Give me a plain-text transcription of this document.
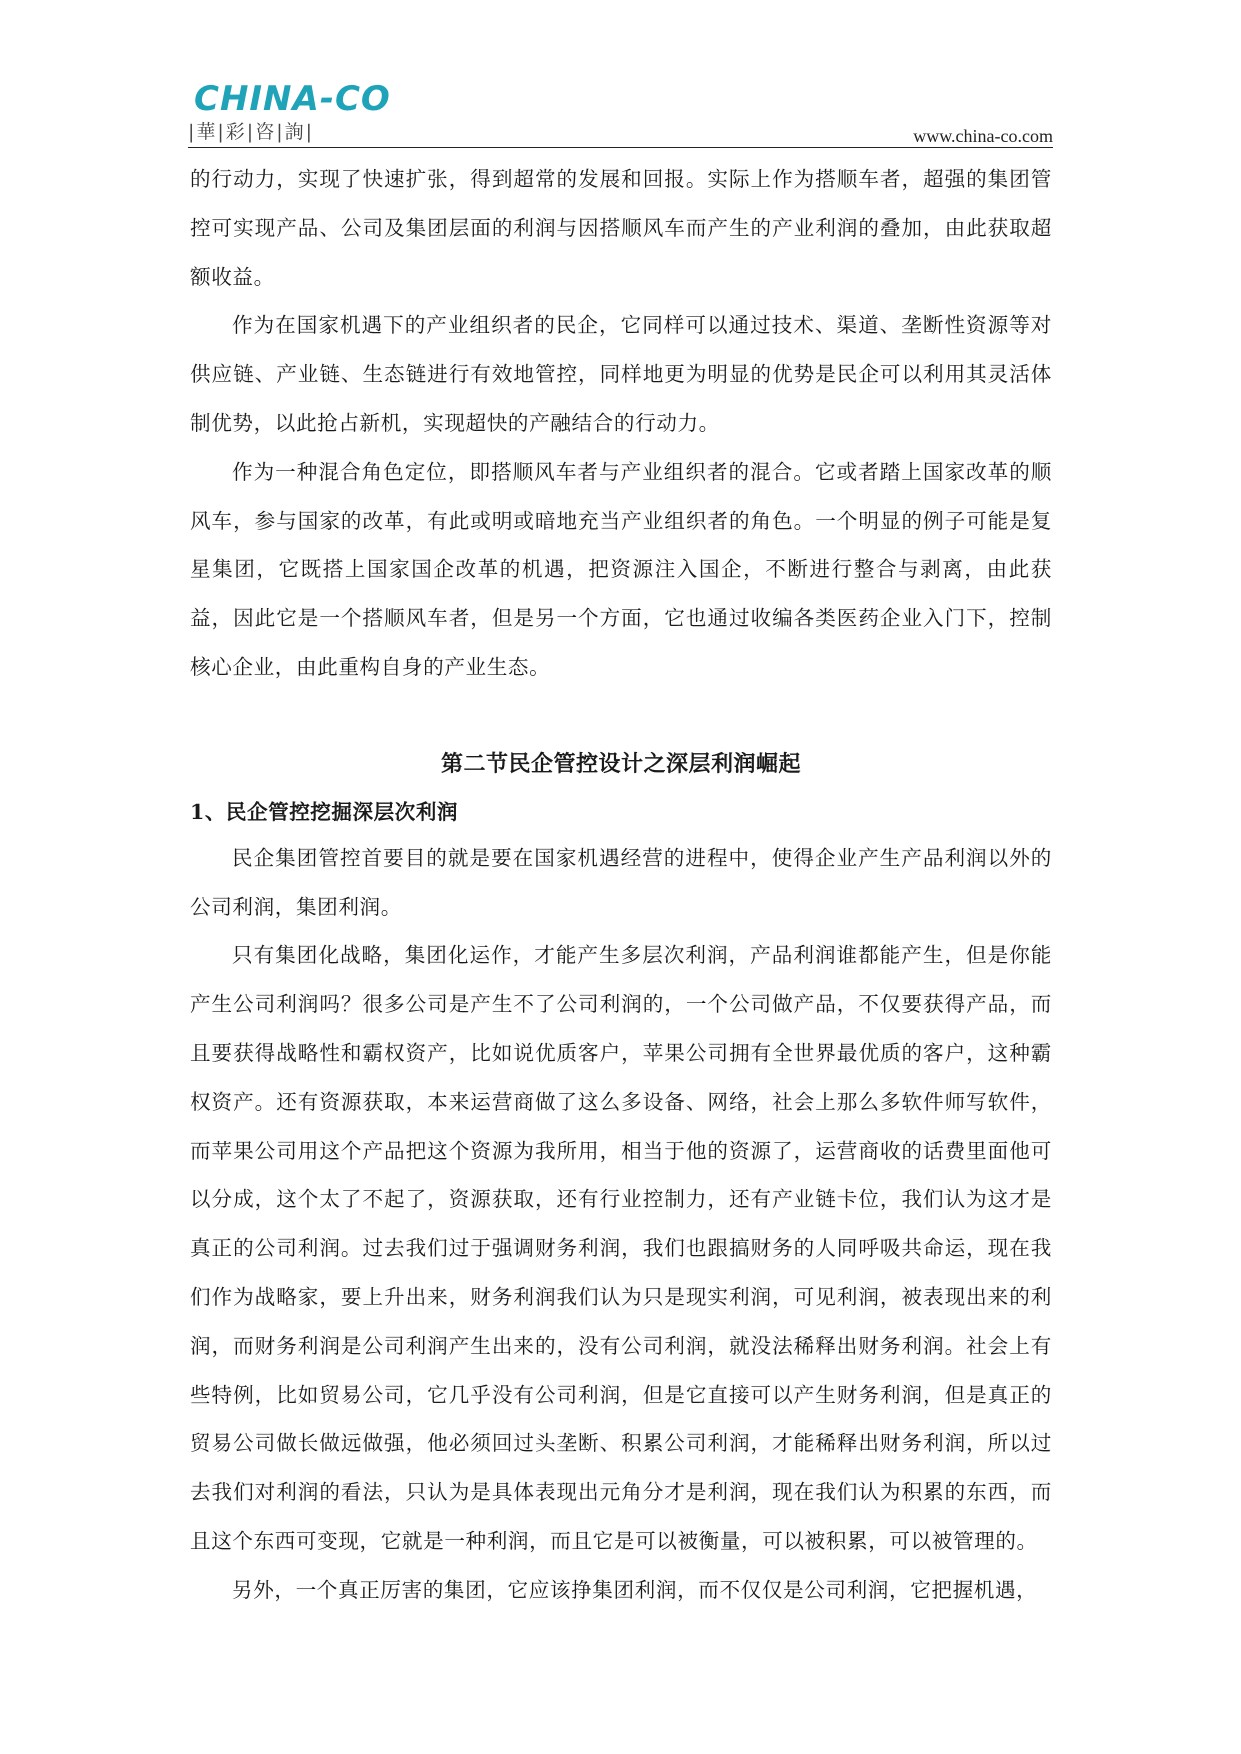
CHINA-CO
|華|彩|咨|詢|	www.china-co.com

的行动力，实现了快速扩张，得到超常的发展和回报。实际上作为搭顺车者，超强的集团管控可实现产品、公司及集团层面的利润与因搭顺风车而产生的产业利润的叠加，由此获取超额收益。

作为在国家机遇下的产业组织者的民企，它同样可以通过技术、渠道、垄断性资源等对供应链、产业链、生态链进行有效地管控，同样地更为明显的优势是民企可以利用其灵活体制优势，以此抢占新机，实现超快的产融结合的行动力。

作为一种混合角色定位，即搭顺风车者与产业组织者的混合。它或者踏上国家改革的顺风车，参与国家的改革，有此或明或暗地充当产业组织者的角色。一个明显的例子可能是复星集团，它既搭上国家国企改革的机遇，把资源注入国企，不断进行整合与剥离，由此获益，因此它是一个搭顺风车者，但是另一个方面，它也通过收编各类医药企业入门下，控制核心企业，由此重构自身的产业生态。

第二节民企管控设计之深层利润崛起
1、民企管控挖掘深层次利润

民企集团管控首要目的就是要在国家机遇经营的进程中，使得企业产生产品利润以外的公司利润，集团利润。

只有集团化战略，集团化运作，才能产生多层次利润，产品利润谁都能产生，但是你能产生公司利润吗？很多公司是产生不了公司利润的，一个公司做产品，不仅要获得产品，而且要获得战略性和霸权资产，比如说优质客户，苹果公司拥有全世界最优质的客户，这种霸权资产。还有资源获取，本来运营商做了这么多设备、网络，社会上那么多软件师写软件，而苹果公司用这个产品把这个资源为我所用，相当于他的资源了，运营商收的话费里面他可以分成，这个太了不起了，资源获取，还有行业控制力，还有产业链卡位，我们认为这才是真正的公司利润。过去我们过于强调财务利润，我们也跟搞财务的人同呼吸共命运，现在我们作为战略家，要上升出来，财务利润我们认为只是现实利润，可见利润，被表现出来的利润，而财务利润是公司利润产生出来的，没有公司利润，就没法稀释出财务利润。社会上有些特例，比如贸易公司，它几乎没有公司利润，但是它直接可以产生财务利润，但是真正的贸易公司做长做远做强，他必须回过头垄断、积累公司利润，才能稀释出财务利润，所以过去我们对利润的看法，只认为是具体表现出元角分才是利润，现在我们认为积累的东西，而且这个东西可变现，它就是一种利润，而且它是可以被衡量，可以被积累，可以被管理的。

另外，一个真正厉害的集团，它应该挣集团利润，而不仅仅是公司利润，它把握机遇，
